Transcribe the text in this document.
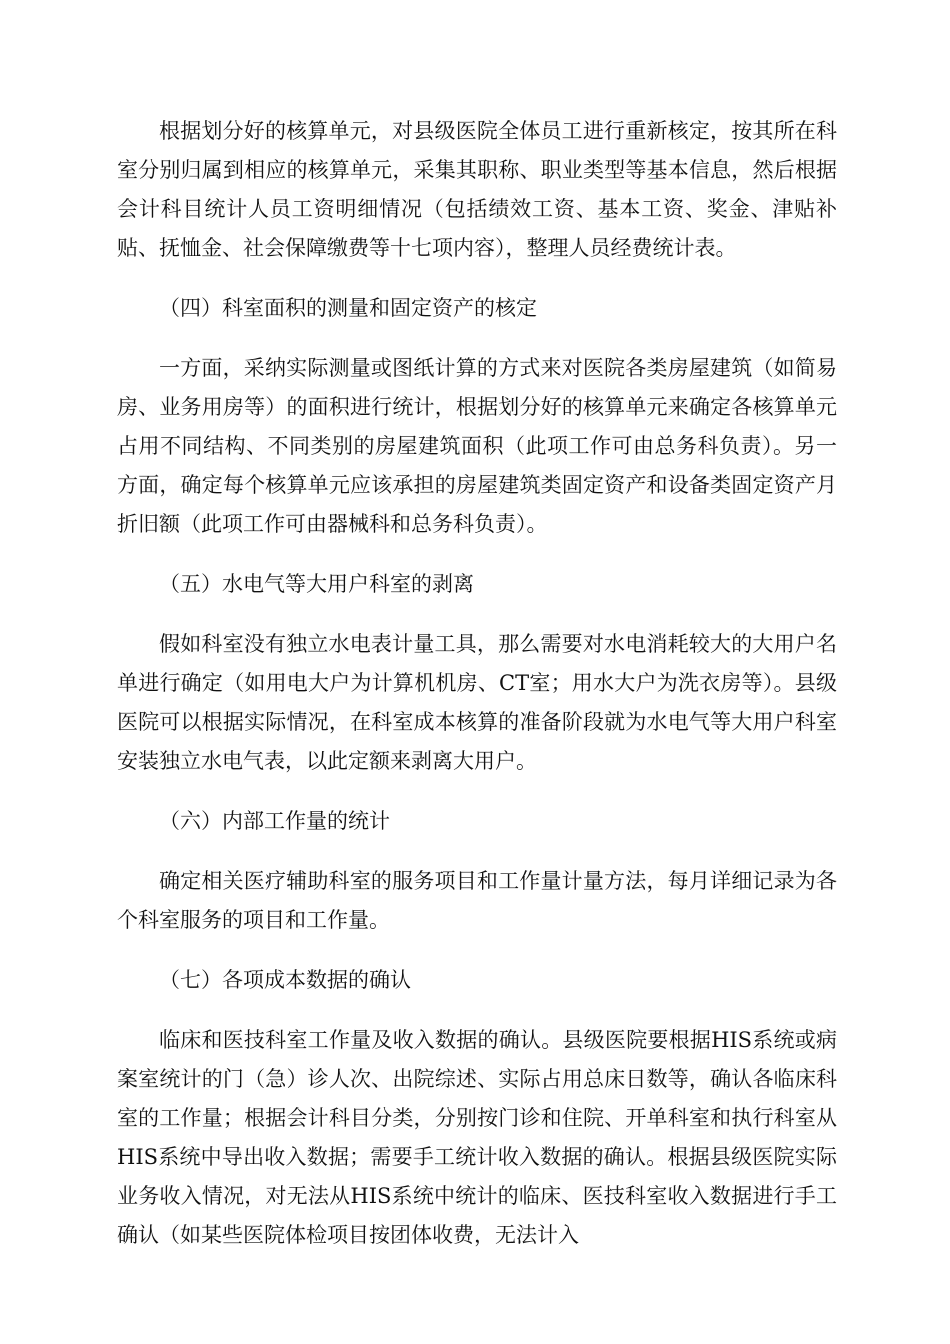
根据划分好的核算单元，对县级医院全体员工进行重新核定，按其所在科室分别归属到相应的核算单元，采集其职称、职业类型等基本信息，然后根据会计科目统计人员工资明细情况（包括绩效工资、基本工资、奖金、津贴补贴、抚恤金、社会保障缴费等十七项内容），整理人员经费统计表。

（四）科室面积的测量和固定资产的核定

一方面，采纳实际测量或图纸计算的方式来对医院各类房屋建筑（如简易房、业务用房等）的面积进行统计，根据划分好的核算单元来确定各核算单元占用不同结构、不同类别的房屋建筑面积（此项工作可由总务科负责）。另一方面，确定每个核算单元应该承担的房屋建筑类固定资产和设备类固定资产月折旧额（此项工作可由器械科和总务科负责）。

（五）水电气等大用户科室的剥离

假如科室没有独立水电表计量工具，那么需要对水电消耗较大的大用户名单进行确定（如用电大户为计算机机房、CT室；用水大户为洗衣房等）。县级医院可以根据实际情况，在科室成本核算的准备阶段就为水电气等大用户科室安装独立水电气表，以此定额来剥离大用户。

（六）内部工作量的统计

确定相关医疗辅助科室的服务项目和工作量计量方法，每月详细记录为各个科室服务的项目和工作量。

（七）各项成本数据的确认

临床和医技科室工作量及收入数据的确认。县级医院要根据HIS系统或病案室统计的门（急）诊人次、出院综述、实际占用总床日数等，确认各临床科室的工作量；根据会计科目分类，分别按门诊和住院、开单科室和执行科室从HIS系统中导出收入数据；需要手工统计收入数据的确认。根据县级医院实际业务收入情况，对无法从HIS系统中统计的临床、医技科室收入数据进行手工确认（如某些医院体检项目按团体收费，无法计入
